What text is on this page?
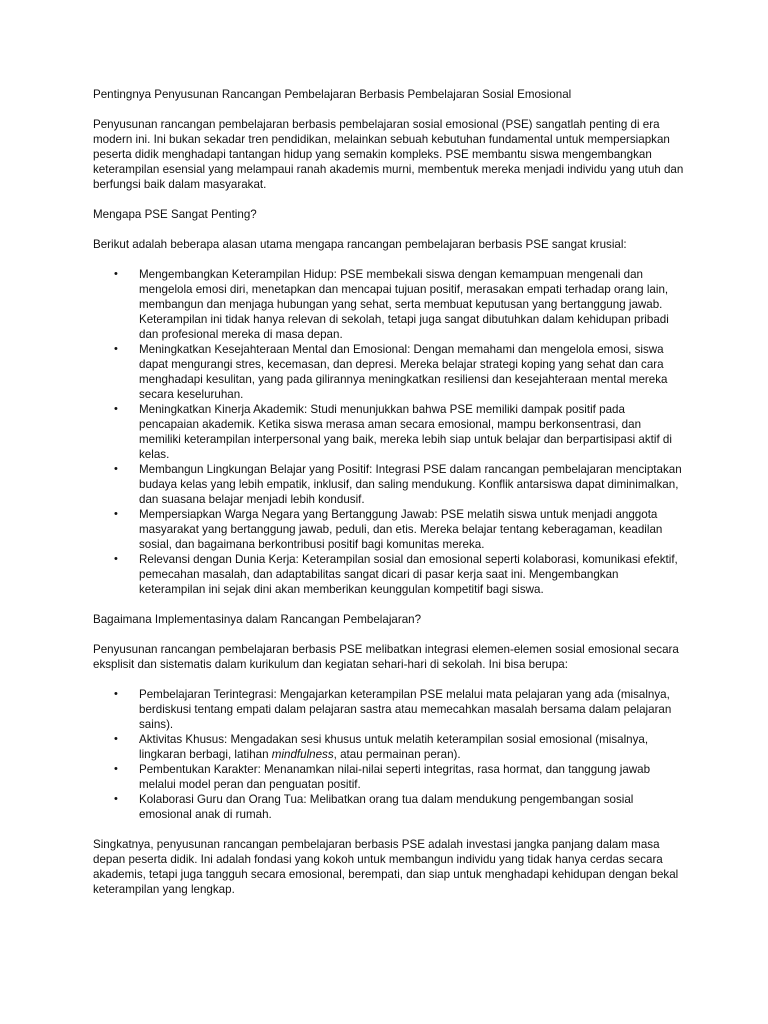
Pentingnya Penyusunan Rancangan Pembelajaran Berbasis Pembelajaran Sosial Emosional

Penyusunan rancangan pembelajaran berbasis pembelajaran sosial emosional (PSE) sangatlah penting di era modern ini. Ini bukan sekadar tren pendidikan, melainkan sebuah kebutuhan fundamental untuk mempersiapkan peserta didik menghadapi tantangan hidup yang semakin kompleks. PSE membantu siswa mengembangkan keterampilan esensial yang melampaui ranah akademis murni, membentuk mereka menjadi individu yang utuh dan berfungsi baik dalam masyarakat.

Mengapa PSE Sangat Penting?

Berikut adalah beberapa alasan utama mengapa rancangan pembelajaran berbasis PSE sangat krusial:

• Mengembangkan Keterampilan Hidup: PSE membekali siswa dengan kemampuan mengenali dan mengelola emosi diri, menetapkan dan mencapai tujuan positif, merasakan empati terhadap orang lain, membangun dan menjaga hubungan yang sehat, serta membuat keputusan yang bertanggung jawab. Keterampilan ini tidak hanya relevan di sekolah, tetapi juga sangat dibutuhkan dalam kehidupan pribadi dan profesional mereka di masa depan.
• Meningkatkan Kesejahteraan Mental dan Emosional: Dengan memahami dan mengelola emosi, siswa dapat mengurangi stres, kecemasan, dan depresi. Mereka belajar strategi koping yang sehat dan cara menghadapi kesulitan, yang pada gilirannya meningkatkan resiliensi dan kesejahteraan mental mereka secara keseluruhan.
• Meningkatkan Kinerja Akademik: Studi menunjukkan bahwa PSE memiliki dampak positif pada pencapaian akademik. Ketika siswa merasa aman secara emosional, mampu berkonsentrasi, dan memiliki keterampilan interpersonal yang baik, mereka lebih siap untuk belajar dan berpartisipasi aktif di kelas.
• Membangun Lingkungan Belajar yang Positif: Integrasi PSE dalam rancangan pembelajaran menciptakan budaya kelas yang lebih empatik, inklusif, dan saling mendukung. Konflik antarsiswa dapat diminimalkan, dan suasana belajar menjadi lebih kondusif.
• Mempersiapkan Warga Negara yang Bertanggung Jawab: PSE melatih siswa untuk menjadi anggota masyarakat yang bertanggung jawab, peduli, dan etis. Mereka belajar tentang keberagaman, keadilan sosial, dan bagaimana berkontribusi positif bagi komunitas mereka.
• Relevansi dengan Dunia Kerja: Keterampilan sosial dan emosional seperti kolaborasi, komunikasi efektif, pemecahan masalah, dan adaptabilitas sangat dicari di pasar kerja saat ini. Mengembangkan keterampilan ini sejak dini akan memberikan keunggulan kompetitif bagi siswa.

Bagaimana Implementasinya dalam Rancangan Pembelajaran?

Penyusunan rancangan pembelajaran berbasis PSE melibatkan integrasi elemen-elemen sosial emosional secara eksplisit dan sistematis dalam kurikulum dan kegiatan sehari-hari di sekolah. Ini bisa berupa:

• Pembelajaran Terintegrasi: Mengajarkan keterampilan PSE melalui mata pelajaran yang ada (misalnya, berdiskusi tentang empati dalam pelajaran sastra atau memecahkan masalah bersama dalam pelajaran sains).
• Aktivitas Khusus: Mengadakan sesi khusus untuk melatih keterampilan sosial emosional (misalnya, lingkaran berbagi, latihan mindfulness, atau permainan peran).
• Pembentukan Karakter: Menanamkan nilai-nilai seperti integritas, rasa hormat, dan tanggung jawab melalui model peran dan penguatan positif.
• Kolaborasi Guru dan Orang Tua: Melibatkan orang tua dalam mendukung pengembangan sosial emosional anak di rumah.

Singkatnya, penyusunan rancangan pembelajaran berbasis PSE adalah investasi jangka panjang dalam masa depan peserta didik. Ini adalah fondasi yang kokoh untuk membangun individu yang tidak hanya cerdas secara akademis, tetapi juga tangguh secara emosional, berempati, dan siap untuk menghadapi kehidupan dengan bekal keterampilan yang lengkap.
